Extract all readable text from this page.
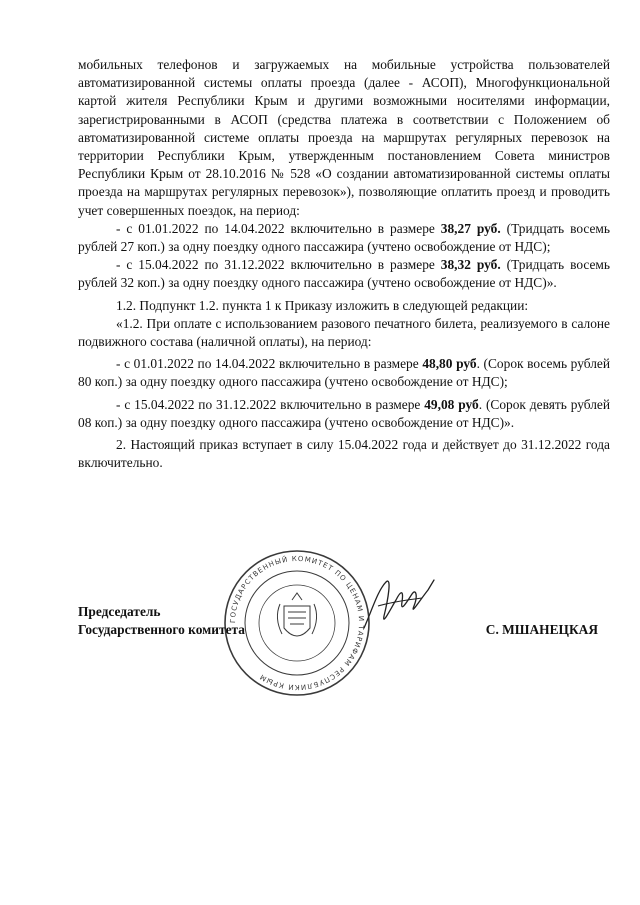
мобильных телефонов и загружаемых на мобильные устройства пользователей автоматизированной системы оплаты проезда (далее - АСОП), Многофункциональной картой жителя Республики Крым и другими возможными носителями информации, зарегистрированными в АСОП (средства платежа в соответствии с Положением об автоматизированной системе оплаты проезда на маршрутах регулярных перевозок на территории Республики Крым, утвержденным постановлением Совета министров Республики Крым от 28.10.2016 № 528 «О создании автоматизированной системы оплаты проезда на маршрутах регулярных перевозок»), позволяющие оплатить проезд и проводить учет совершенных поездок, на период:

- с 01.01.2022 по 14.04.2022 включительно в размере 38,27 руб. (Тридцать восемь рублей 27 коп.) за одну поездку одного пассажира (учтено освобождение от НДС);

- с 15.04.2022 по 31.12.2022 включительно в размере 38,32 руб. (Тридцать восемь рублей 32 коп.) за одну поездку одного пассажира (учтено освобождение от НДС)».

1.2. Подпункт 1.2. пункта 1 к Приказу изложить в следующей редакции:

«1.2. При оплате с использованием разового печатного билета, реализуемого в салоне подвижного состава (наличной оплаты), на период:

- с 01.01.2022 по 14.04.2022 включительно в размере 48,80 руб. (Сорок восемь рублей 80 коп.) за одну поездку одного пассажира (учтено освобождение от НДС);

- с 15.04.2022 по 31.12.2022 включительно в размере 49,08 руб. (Сорок девять рублей 08 коп.) за одну поездку одного пассажира (учтено освобождение от НДС)».

2. Настоящий приказ вступает в силу 15.04.2022 года и действует до 31.12.2022 года включительно.

ГОСУДАРСТВЕННЫЙ КОМИТЕТ ПО ЦЕНАМ И ТАРИФАМ РЕСПУБЛИКИ КРЫМ
Председатель
Государственного комитета	С. МШАНЕЦКАЯ
